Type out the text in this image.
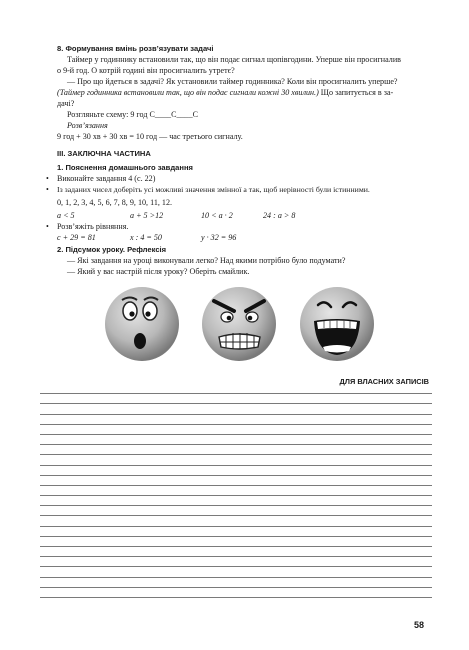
8. Формування вмінь розв’язувати задачі
Таймер у годиннику встановили так, що він подає сигнал щопівгодини. Уперше він просигналив
о 9-й год. О котрій годині він просигналить утретє?
— Про що йдеться в задачі? Як установили таймер годинника? Коли він просигналить уперше?
(Таймер годинника встановили так, що він подає сигнали кожні 30 хвилин.) Що запитується в за-
дачі?
Розгляньте схему: 9 год С____С____С
Розв’язання
9 год + 30 хв + 30 хв = 10 год — час третього сигналу.
III. ЗАКЛЮЧНА ЧАСТИНА
1. Пояснення домашнього завдання
• Виконайте завдання 4 (с. 22)
• Із заданих чисел доберіть усі можливі значення змінної a так, щоб нерівності були істинними.
0, 1, 2, 3, 4, 5, 6, 7, 8, 9, 10, 11, 12.
a < 5	a + 5 >12	10 < a · 2	24 : a > 8
• Розв’яжіть рівняння.
c + 29 = 81	x : 4 = 50	y · 32 = 96
2. Підсумок уроку. Рефлексія
— Які завдання на уроці виконували легко? Над якими потрібно було подумати?
— Який у вас настрій після уроку? Оберіть смайлик.
ДЛЯ ВЛАСНИХ ЗАПИСІВ
58
